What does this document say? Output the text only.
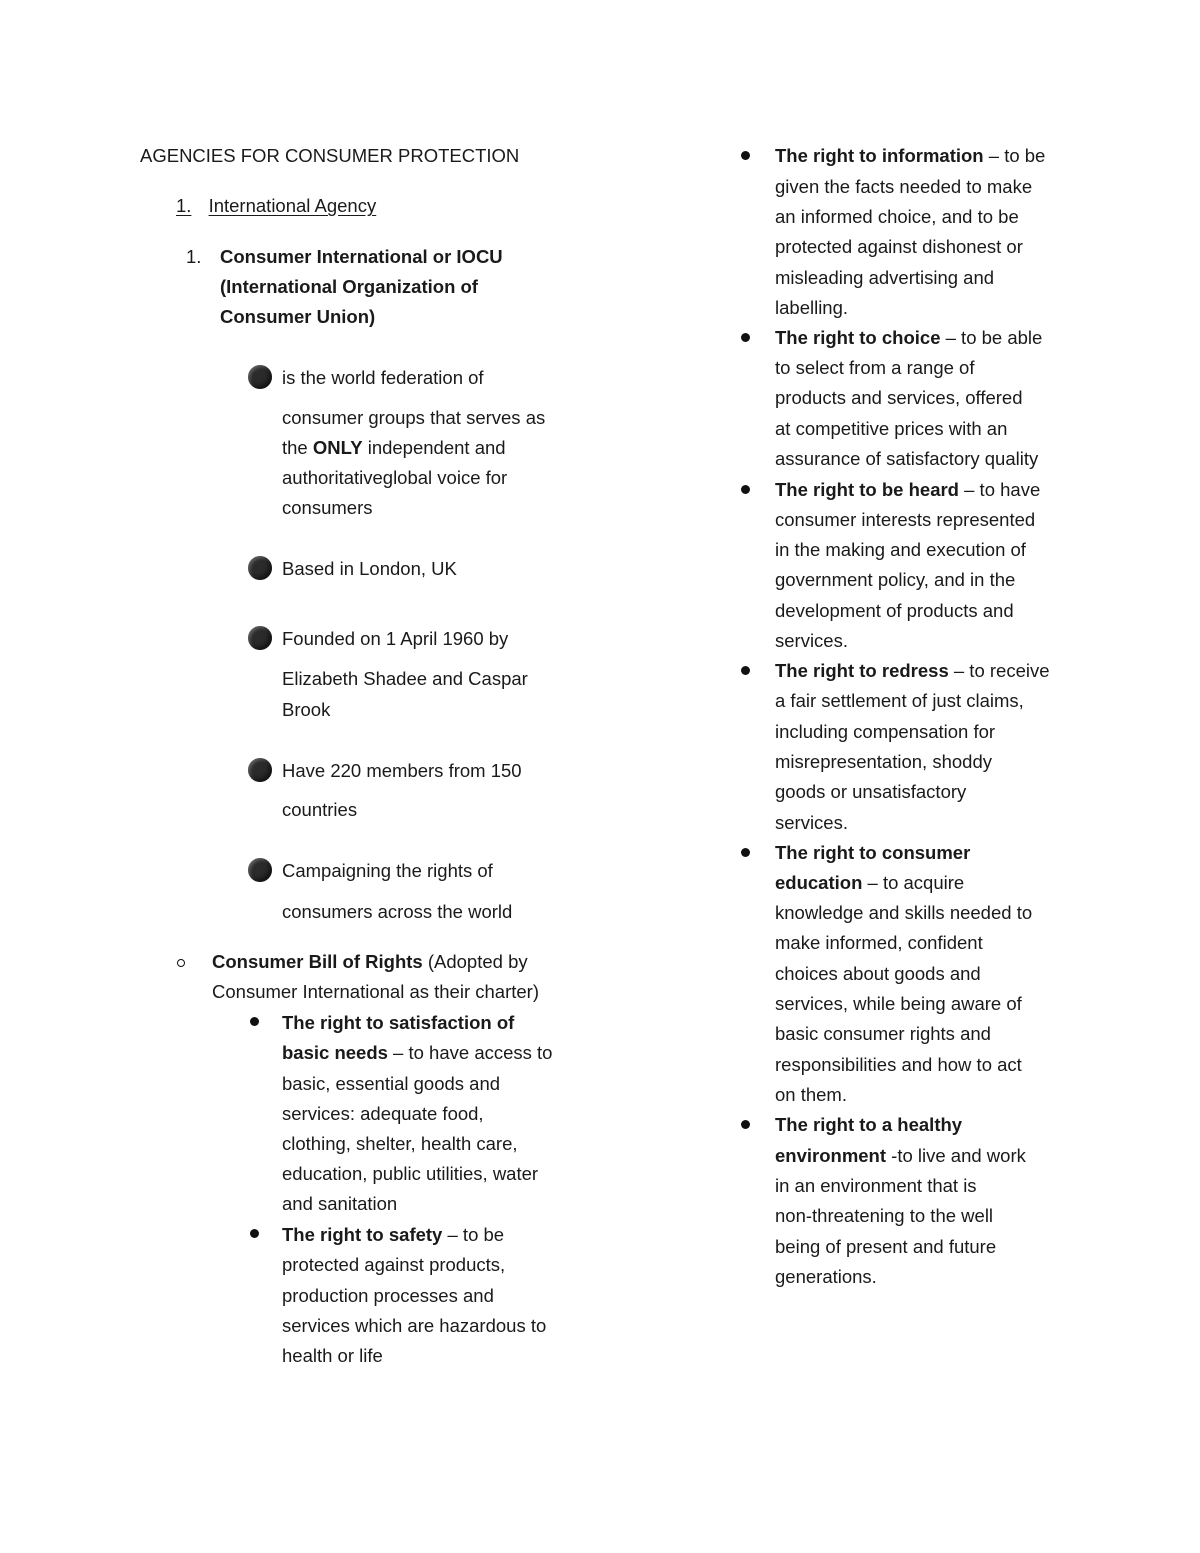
AGENCIES FOR CONSUMER PROTECTION
1. International Agency
1. Consumer International or IOCU
(International Organization of
Consumer Union)
is the world federation of
consumer groups that serves as
the ONLY independent and
authoritativeglobal voice for
consumers
Based in London, UK
Founded on 1 April 1960 by
Elizabeth Shadee and Caspar
Brook
Have 220 members from 150
countries
Campaigning the rights of
consumers across the world
Consumer Bill of Rights (Adopted by
Consumer International as their charter)
The right to satisfaction of
basic needs – to have access to
basic, essential goods and
services: adequate food,
clothing, shelter, health care,
education, public utilities, water
and sanitation
The right to safety – to be
protected against products,
production processes and
services which are hazardous to
health or life
The right to information – to be
given the facts needed to make
an informed choice, and to be
protected against dishonest or
misleading advertising and
labelling.
The right to choice – to be able
to select from a range of
products and services, offered
at competitive prices with an
assurance of satisfactory quality
The right to be heard – to have
consumer interests represented
in the making and execution of
government policy, and in the
development of products and
services.
The right to redress – to receive
a fair settlement of just claims,
including compensation for
misrepresentation, shoddy
goods or unsatisfactory
services.
The right to consumer
education – to acquire
knowledge and skills needed to
make informed, confident
choices about goods and
services, while being aware of
basic consumer rights and
responsibilities and how to act
on them.
The right to a healthy
environment -to live and work
in an environment that is
non-threatening to the well
being of present and future
generations.
